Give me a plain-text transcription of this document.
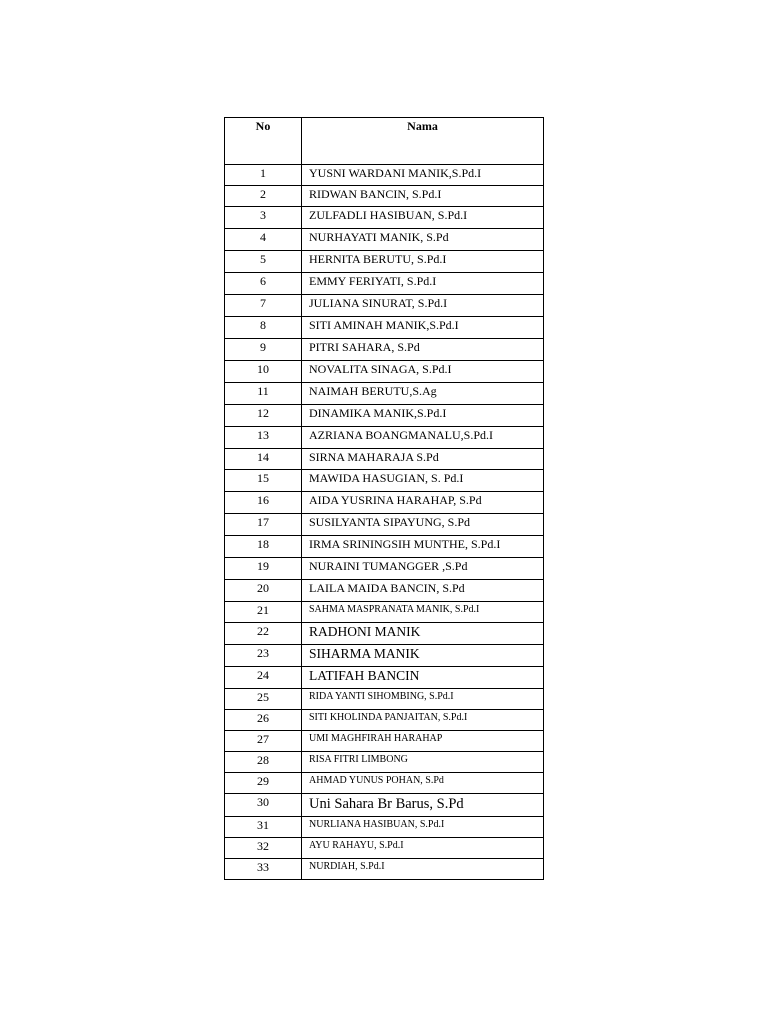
No	Nama
1	YUSNI WARDANI MANIK,S.Pd.I
2	RIDWAN BANCIN, S.Pd.I
3	ZULFADLI HASIBUAN, S.Pd.I
4	NURHAYATI MANIK, S.Pd
5	HERNITA BERUTU, S.Pd.I
6	EMMY FERIYATI, S.Pd.I
7	JULIANA SINURAT, S.Pd.I
8	SITI AMINAH MANIK,S.Pd.I
9	PITRI SAHARA, S.Pd
10	NOVALITA SINAGA, S.Pd.I
11	NAIMAH BERUTU,S.Ag
12	DINAMIKA MANIK,S.Pd.I
13	AZRIANA BOANGMANALU,S.Pd.I
14	SIRNA MAHARAJA S.Pd
15	MAWIDA HASUGIAN, S. Pd.I
16	AIDA YUSRINA HARAHAP, S.Pd
17	SUSILYANTA SIPAYUNG, S.Pd
18	IRMA SRININGSIH MUNTHE, S.Pd.I
19	NURAINI TUMANGGER ,S.Pd
20	LAILA MAIDA BANCIN, S.Pd
21	SAHMA MASPRANATA MANIK, S.Pd.I
22	RADHONI MANIK
23	SIHARMA MANIK
24	LATIFAH BANCIN
25	RIDA YANTI SIHOMBING, S.Pd.I
26	SITI KHOLINDA PANJAITAN, S.Pd.I
27	UMI MAGHFIRAH HARAHAP
28	RISA FITRI LIMBONG
29	AHMAD YUNUS POHAN, S.Pd
30	Uni Sahara Br Barus, S.Pd
31	NURLIANA HASIBUAN, S.Pd.I
32	AYU RAHAYU, S.Pd.I
33	NURDIAH, S.Pd.I
